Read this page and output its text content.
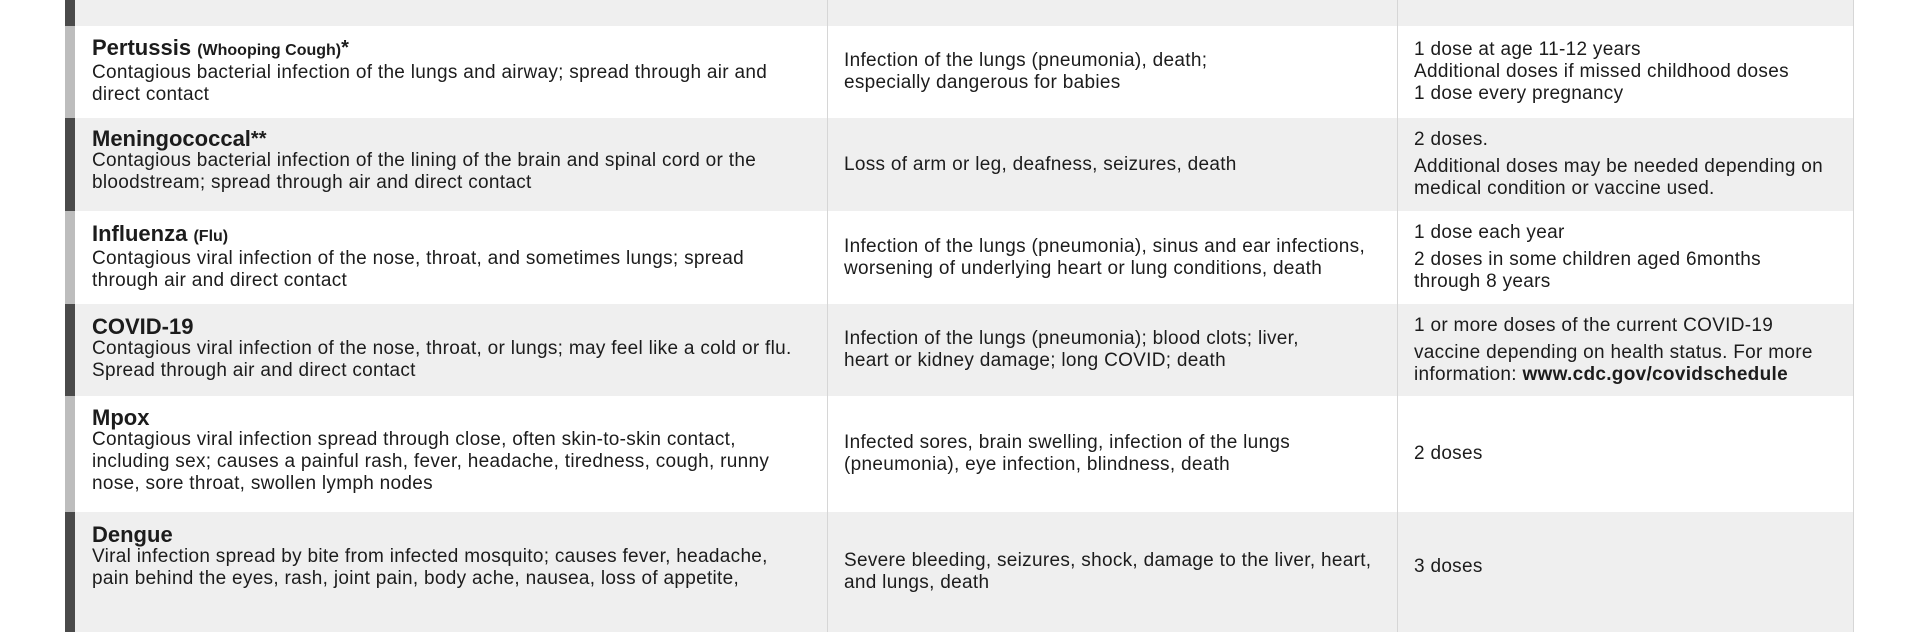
Pertussis (Whooping Cough)*
Contagious bacterial infection of the lungs and airway; spread through air and direct contact
Infection of the lungs (pneumonia), death; especially dangerous for babies
1 dose at age 11-12 years
Additional doses if missed childhood doses
1 dose every pregnancy
Meningococcal**
Contagious bacterial infection of the lining of the brain and spinal cord or the bloodstream; spread through air and direct contact
Loss of arm or leg, deafness, seizures, death
2 doses.
Additional doses may be needed depending on medical condition or vaccine used.
Influenza (Flu)
Contagious viral infection of the nose, throat, and sometimes lungs; spread through air and direct contact
Infection of the lungs (pneumonia), sinus and ear infections, worsening of underlying heart or lung conditions, death
1 dose each year
2 doses in some children aged 6months through 8 years
COVID-19
Contagious viral infection of the nose, throat, or lungs; may feel like a cold or flu. Spread through air and direct contact
Infection of the lungs (pneumonia); blood clots; liver, heart or kidney damage; long COVID; death
1 or more doses of the current COVID-19
vaccine depending on health status. For more information: www.cdc.gov/covidschedule
Mpox
Contagious viral infection spread through close, often skin-to-skin contact, including sex; causes a painful rash, fever, headache, tiredness, cough, runny nose, sore throat, swollen lymph nodes
Infected sores, brain swelling, infection of the lungs (pneumonia), eye infection, blindness, death
2 doses
Dengue
Viral infection spread by bite from infected mosquito; causes fever, headache, pain behind the eyes, rash, joint pain, body ache, nausea, loss of appetite,
Severe bleeding, seizures, shock, damage to the liver, heart, and lungs, death
3 doses
